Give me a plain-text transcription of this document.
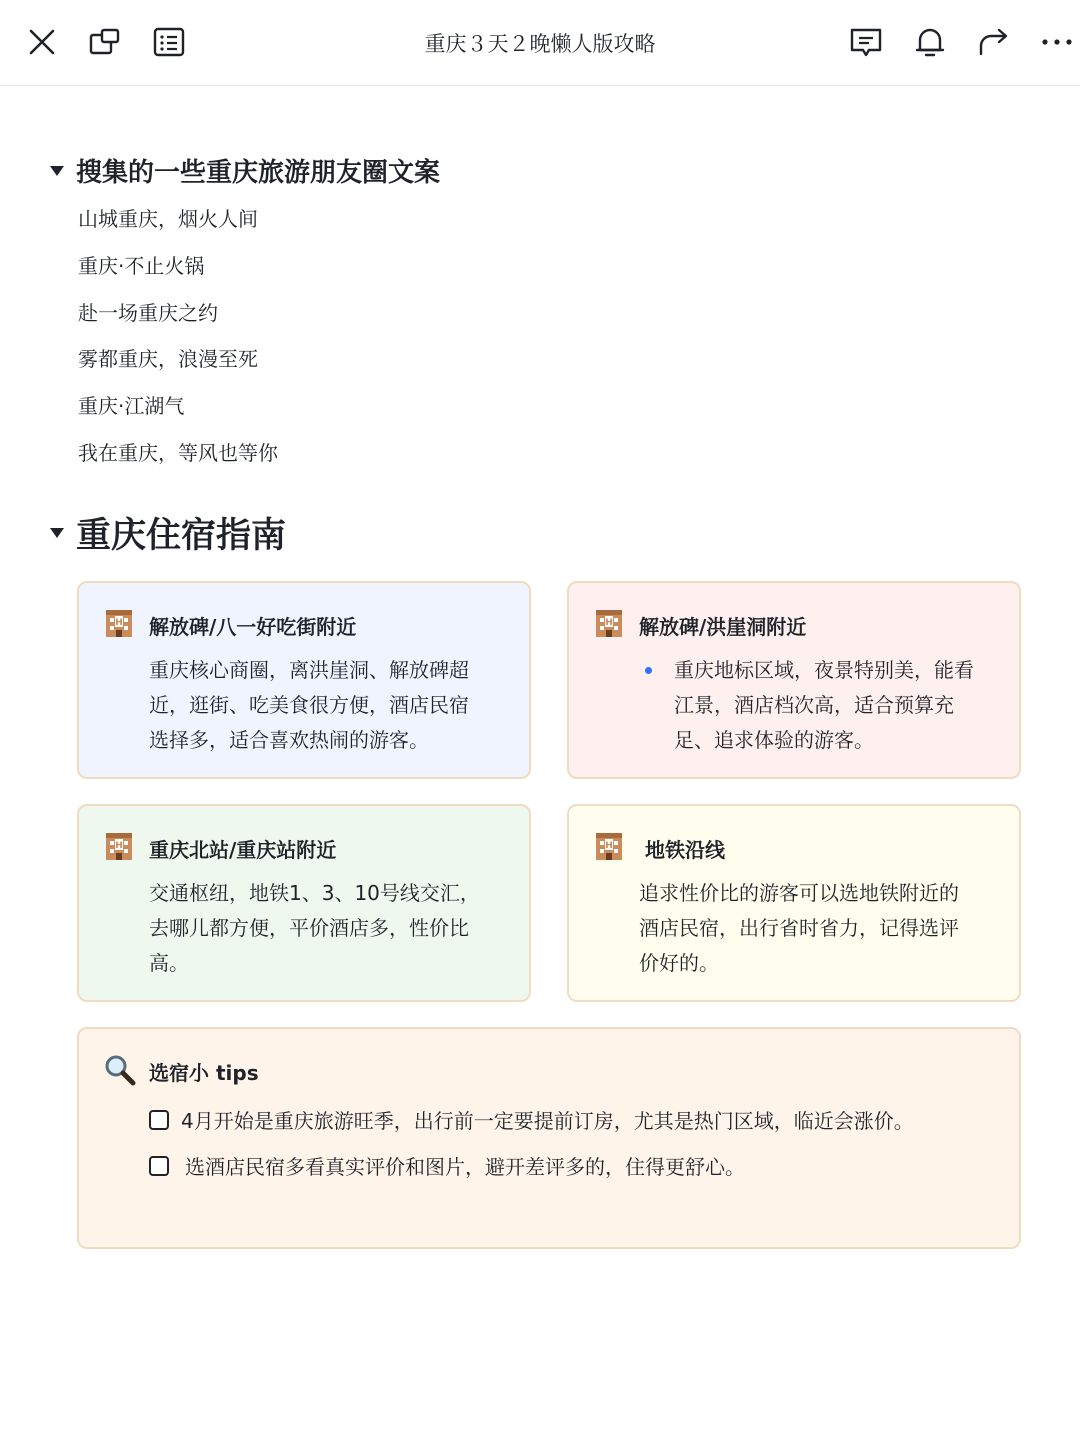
重庆３天２晚懒人版攻略
搜集的一些重庆旅游朋友圈文案
山城重庆，烟火人间
重庆·不止火锅
赴一场重庆之约
雾都重庆，浪漫至死
重庆·江湖气
我在重庆，等风也等你
重庆住宿指南
H 解放碑/八一好吃街附近
重庆核心商圈，离洪崖洞、解放碑超
近，逛街、吃美食很方便，酒店民宿
选择多，适合喜欢热闹的游客。
H 解放碑/洪崖洞附近
重庆地标区域，夜景特别美，能看
江景，酒店档次高，适合预算充
足、追求体验的游客。
H 重庆北站/重庆站附近
交通枢纽，地铁1、3、10号线交汇，
去哪儿都方便，平价酒店多，性价比
高。
H 地铁沿线
追求性价比的游客可以选地铁附近的
酒店民宿，出行省时省力，记得选评
价好的。
选宿小 tips
4月开始是重庆旅游旺季，出行前一定要提前订房，尤其是热门区域，临近会涨价。
选酒店民宿多看真实评价和图片，避开差评多的，住得更舒心。
